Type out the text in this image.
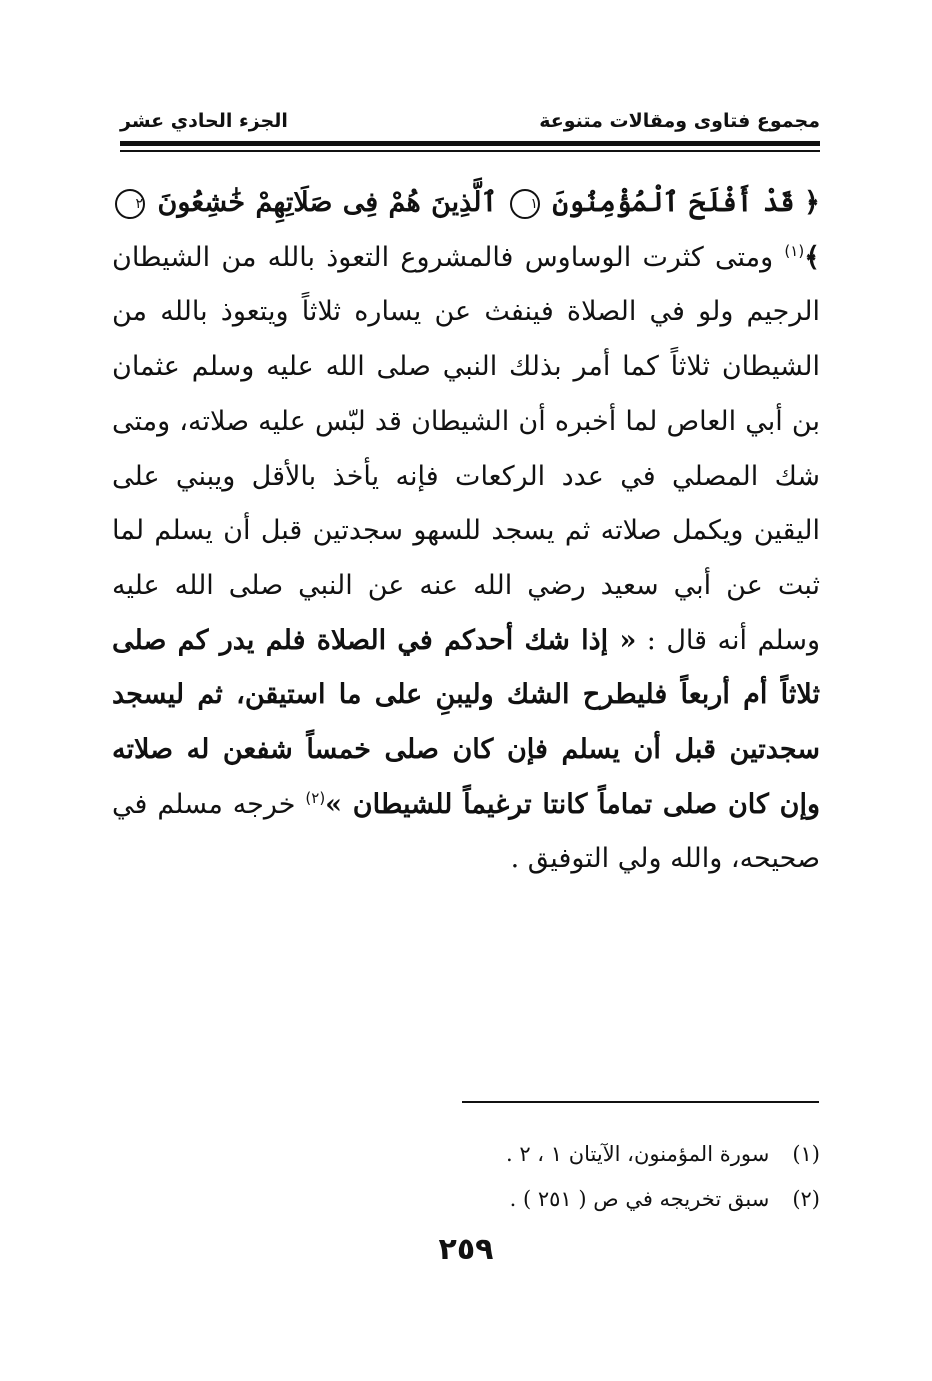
مجموع فتاوى ومقالات متنوعة
الجزء الحادي عشر
﴿ قَدْ أَفْلَحَ ٱلْمُؤْمِنُونَ ١ ٱلَّذِينَ هُمْ فِى صَلَاتِهِمْ خَٰشِعُونَ ٢ ﴾$^{(١)}$ ومتى كثرت الوساوس فالمشروع التعوذ بالله من الشيطان الرجيم ولو في الصلاة فينفث عن يساره ثلاثاً ويتعوذ بالله من الشيطان ثلاثاً كما أمر بذلك النبي صلى الله عليه وسلم عثمان بن أبي العاص لما أخبره أن الشيطان قد لبّس عليه صلاته، ومتى شك المصلي في عدد الركعات فإنه يأخذ بالأقل ويبني على اليقين ويكمل صلاته ثم يسجد للسهو سجدتين قبل أن يسلم لما ثبت عن أبي سعيد رضي الله عنه عن النبي صلى الله عليه وسلم أنه قال : « إذا شك أحدكم في الصلاة فلم يدر كم صلى ثلاثاً أم أربعاً فليطرح الشك وليبنِ على ما استيقن، ثم ليسجد سجدتين قبل أن يسلم فإن كان صلى خمساً شفعن له صلاته وإن كان صلى تماماً كانتا ترغيماً للشيطان »$^{(٢)}$ خرجه مسلم في صحيحه، والله ولي التوفيق .
(١) سورة المؤمنون، الآيتان ١ ، ٢ .
(٢) سبق تخريجه في ص ( ٢٥١ ) .
٢٥٩
